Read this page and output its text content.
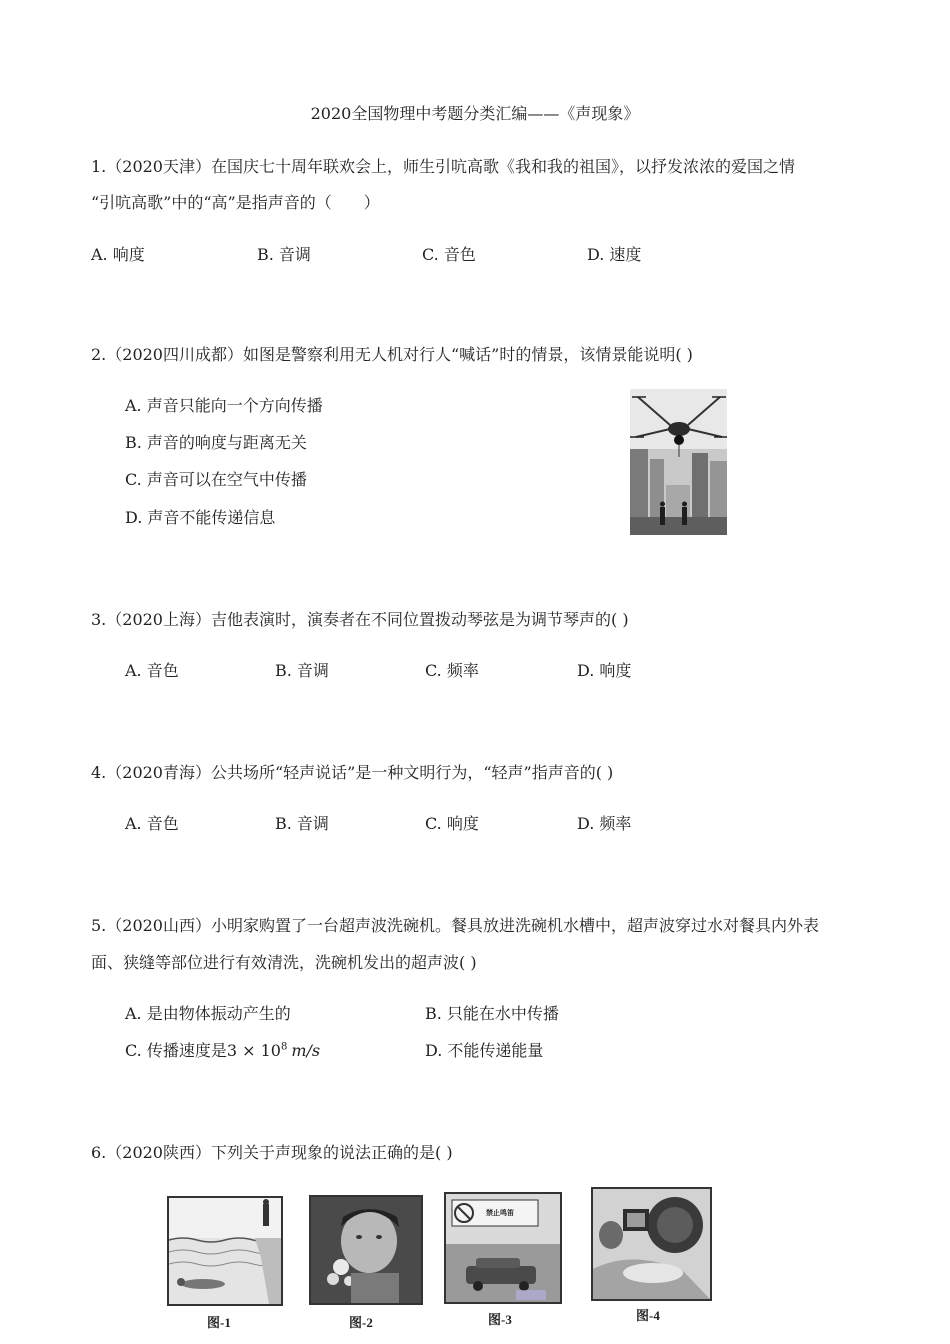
2020全国物理中考题分类汇编——《声现象》
1.（2020天津）在国庆七十周年联欢会上，师生引吭高歌《我和我的祖国》，以抒发浓浓的爱国之情
“引吭高歌”中的“高”是指声音的（　　）
A. 响度	B. 音调	C. 音色	D. 速度
2.（2020四川成都）如图是警察利用无人机对行人“喊话”时的情景，该情景能说明( )
A. 声音只能向一个方向传播
B. 声音的响度与距离无关
C. 声音可以在空气中传播
D. 声音不能传递信息
3.（2020上海）吉他表演时，演奏者在不同位置拨动琴弦是为调节琴声的( )
A. 音色	B. 音调	C. 频率	D. 响度
4.（2020青海）公共场所“轻声说话”是一种文明行为，“轻声”指声音的( )
A. 音色	B. 音调	C. 响度	D. 频率
5.（2020山西）小明家购置了一台超声波洗碗机。餐具放进洗碗机水槽中，超声波穿过水对餐具内外表
面、狭缝等部位进行有效清洗，洗碗机发出的超声波( )
A. 是由物体振动产生的	B. 只能在水中传播
C. 传播速度是$3 \times 10^8$ m/s	D. 不能传递能量
6.（2020陕西）下列关于声现象的说法正确的是( )
图-1	图-2
禁止鸣笛
图-3	图-4
